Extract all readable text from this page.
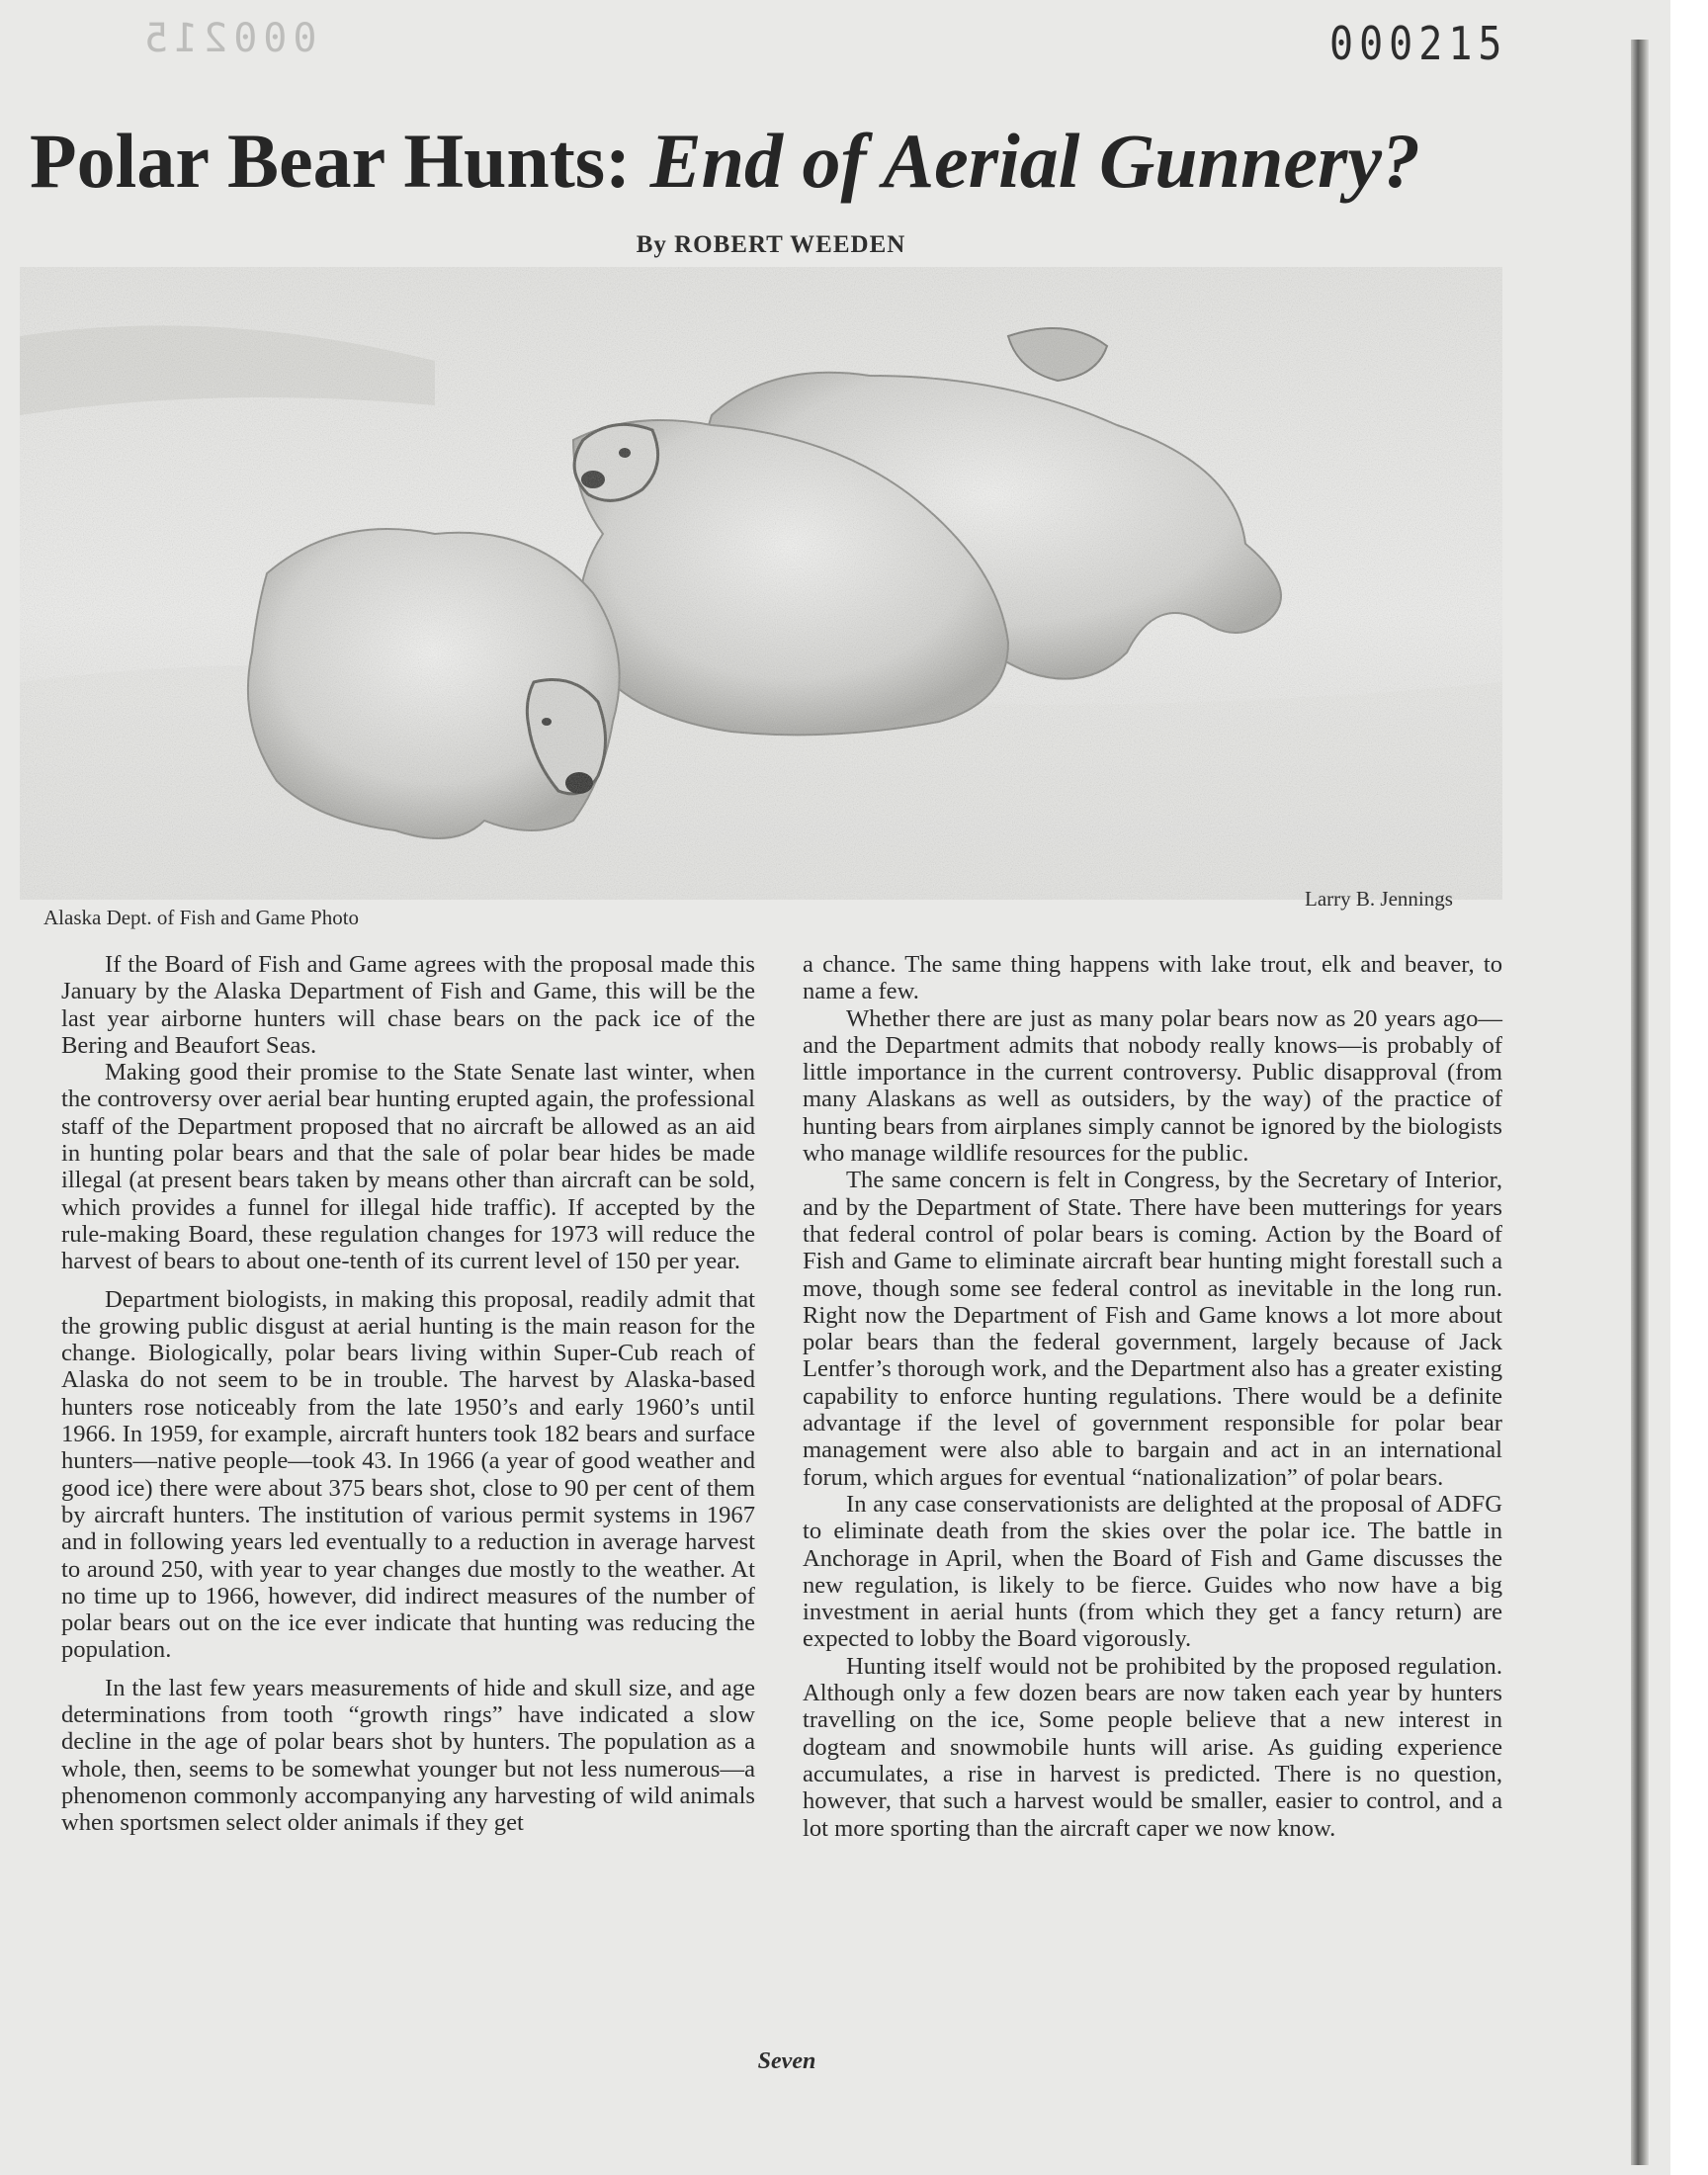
000215	000215
Polar Bear Hunts: End of Aerial Gunnery?
By ROBERT WEEDEN
Larry B. Jennings
Alaska Dept. of Fish and Game Photo

If the Board of Fish and Game agrees with the proposal made this January by the Alaska Department of Fish and Game, this will be the last year airborne hunters will chase bears on the pack ice of the Bering and Beaufort Seas.

Making good their promise to the State Senate last winter, when the controversy over aerial bear hunting erupted again, the professional staff of the Department proposed that no aircraft be allowed as an aid in hunting polar bears and that the sale of polar bear hides be made illegal (at present bears taken by means other than aircraft can be sold, which provides a funnel for illegal hide traffic). If accepted by the rule-making Board, these regulation changes for 1973 will reduce the harvest of bears to about one-tenth of its current level of 150 per year.

Department biologists, in making this proposal, readily admit that the growing public disgust at aerial hunting is the main reason for the change. Biologically, polar bears living within Super-Cub reach of Alaska do not seem to be in trouble. The harvest by Alaska-based hunters rose noticeably from the late 1950’s and early 1960’s until 1966. In 1959, for example, aircraft hunters took 182 bears and surface hunters—native people—took 43. In 1966 (a year of good weather and good ice) there were about 375 bears shot, close to 90 per cent of them by aircraft hunters. The institution of various permit systems in 1967 and in following years led eventually to a reduction in average harvest to around 250, with year to year changes due mostly to the weather. At no time up to 1966, however, did indirect measures of the number of polar bears out on the ice ever indicate that hunting was reducing the population.

In the last few years measurements of hide and skull size, and age determinations from tooth “growth rings” have indicated a slow decline in the age of polar bears shot by hunters. The population as a whole, then, seems to be somewhat younger but not less numerous—a phenomenon commonly accompanying any harvesting of wild animals when sportsmen select older animals if they get

a chance. The same thing happens with lake trout, elk and beaver, to name a few.

Whether there are just as many polar bears now as 20 years ago—and the Department admits that nobody really knows—is probably of little importance in the current controversy. Public disapproval (from many Alaskans as well as outsiders, by the way) of the practice of hunting bears from airplanes simply cannot be ignored by the biologists who manage wildlife resources for the public.

The same concern is felt in Congress, by the Secretary of Interior, and by the Department of State. There have been mutterings for years that federal control of polar bears is coming. Action by the Board of Fish and Game to eliminate aircraft bear hunting might forestall such a move, though some see federal control as inevitable in the long run. Right now the Department of Fish and Game knows a lot more about polar bears than the federal government, largely because of Jack Lentfer’s thorough work, and the Department also has a greater existing capability to enforce hunting regulations. There would be a definite advantage if the level of government responsible for polar bear management were also able to bargain and act in an international forum, which argues for eventual “nationalization” of polar bears.

In any case conservationists are delighted at the proposal of ADFG to eliminate death from the skies over the polar ice. The battle in Anchorage in April, when the Board of Fish and Game discusses the new regulation, is likely to be fierce. Guides who now have a big investment in aerial hunts (from which they get a fancy return) are expected to lobby the Board vigorously.

Hunting itself would not be prohibited by the proposed regulation. Although only a few dozen bears are now taken each year by hunters travelling on the ice, Some people believe that a new interest in dogteam and snowmobile hunts will arise. As guiding experience accumulates, a rise in harvest is predicted. There is no question, however, that such a harvest would be smaller, easier to control, and a lot more sporting than the aircraft caper we now know.

Seven
